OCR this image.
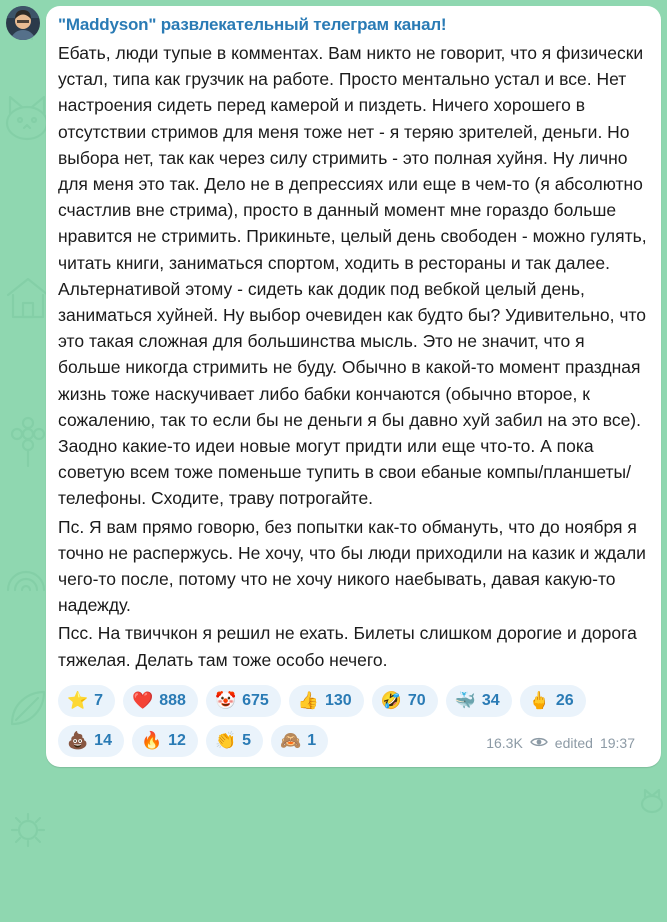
"Maddyson" развлекательный телеграм канал!
Ебать, люди тупые в комментах. Вам никто не говорит, что я физически устал, типа как грузчик на работе. Просто ментально устал и все. Нет настроения сидеть перед камерой и пиздеть. Ничего хорошего в отсутствии стримов для меня тоже нет - я теряю зрителей, деньги. Но выбора нет, так как через силу стримить - это полная хуйня. Ну лично для меня это так. Дело не в депрессиях или еще в чем-то (я абсолютно счастлив вне стрима), просто в данный момент мне гораздо больше нравится не стримить. Прикиньте, целый день свободен - можно гулять, читать книги, заниматься спортом, ходить в рестораны и так далее. Альтернативой этому - сидеть как додик под вебкой целый день, заниматься хуйней. Ну выбор очевиден как будто бы? Удивительно, что это такая сложная для большинства мысль. Это не значит, что я больше никогда стримить не буду. Обычно в какой-то момент праздная жизнь тоже наскучивает либо бабки кончаются (обычно второе, к сожалению, так то если бы не деньги я бы давно хуй забил на это все). Заодно какие-то идеи новые могут придти или еще что-то. А пока советую всем тоже поменьше тупить в свои ебаные компы/планшеты/телефоны. Сходите, траву потрогайте.
Пс. Я вам прямо говорю, без попытки как-то обмануть, что до ноября я точно не распержусь. Не хочу, что бы люди приходили на казик и ждали чего-то после, потому что не хочу никого наебывать, давая какую-то надежду.
Псс. На твиччкон я решил не ехать. Билеты слишком дорогие и дорога тяжелая. Делать там тоже особо нечего.
⭐ 7 ❤️ 888 🤡 675 👍 130 🤣 70 🐳 34 🖕 26
💩 14 🔥 12 👏 5 🙈 1	16.3K edited 19:37
